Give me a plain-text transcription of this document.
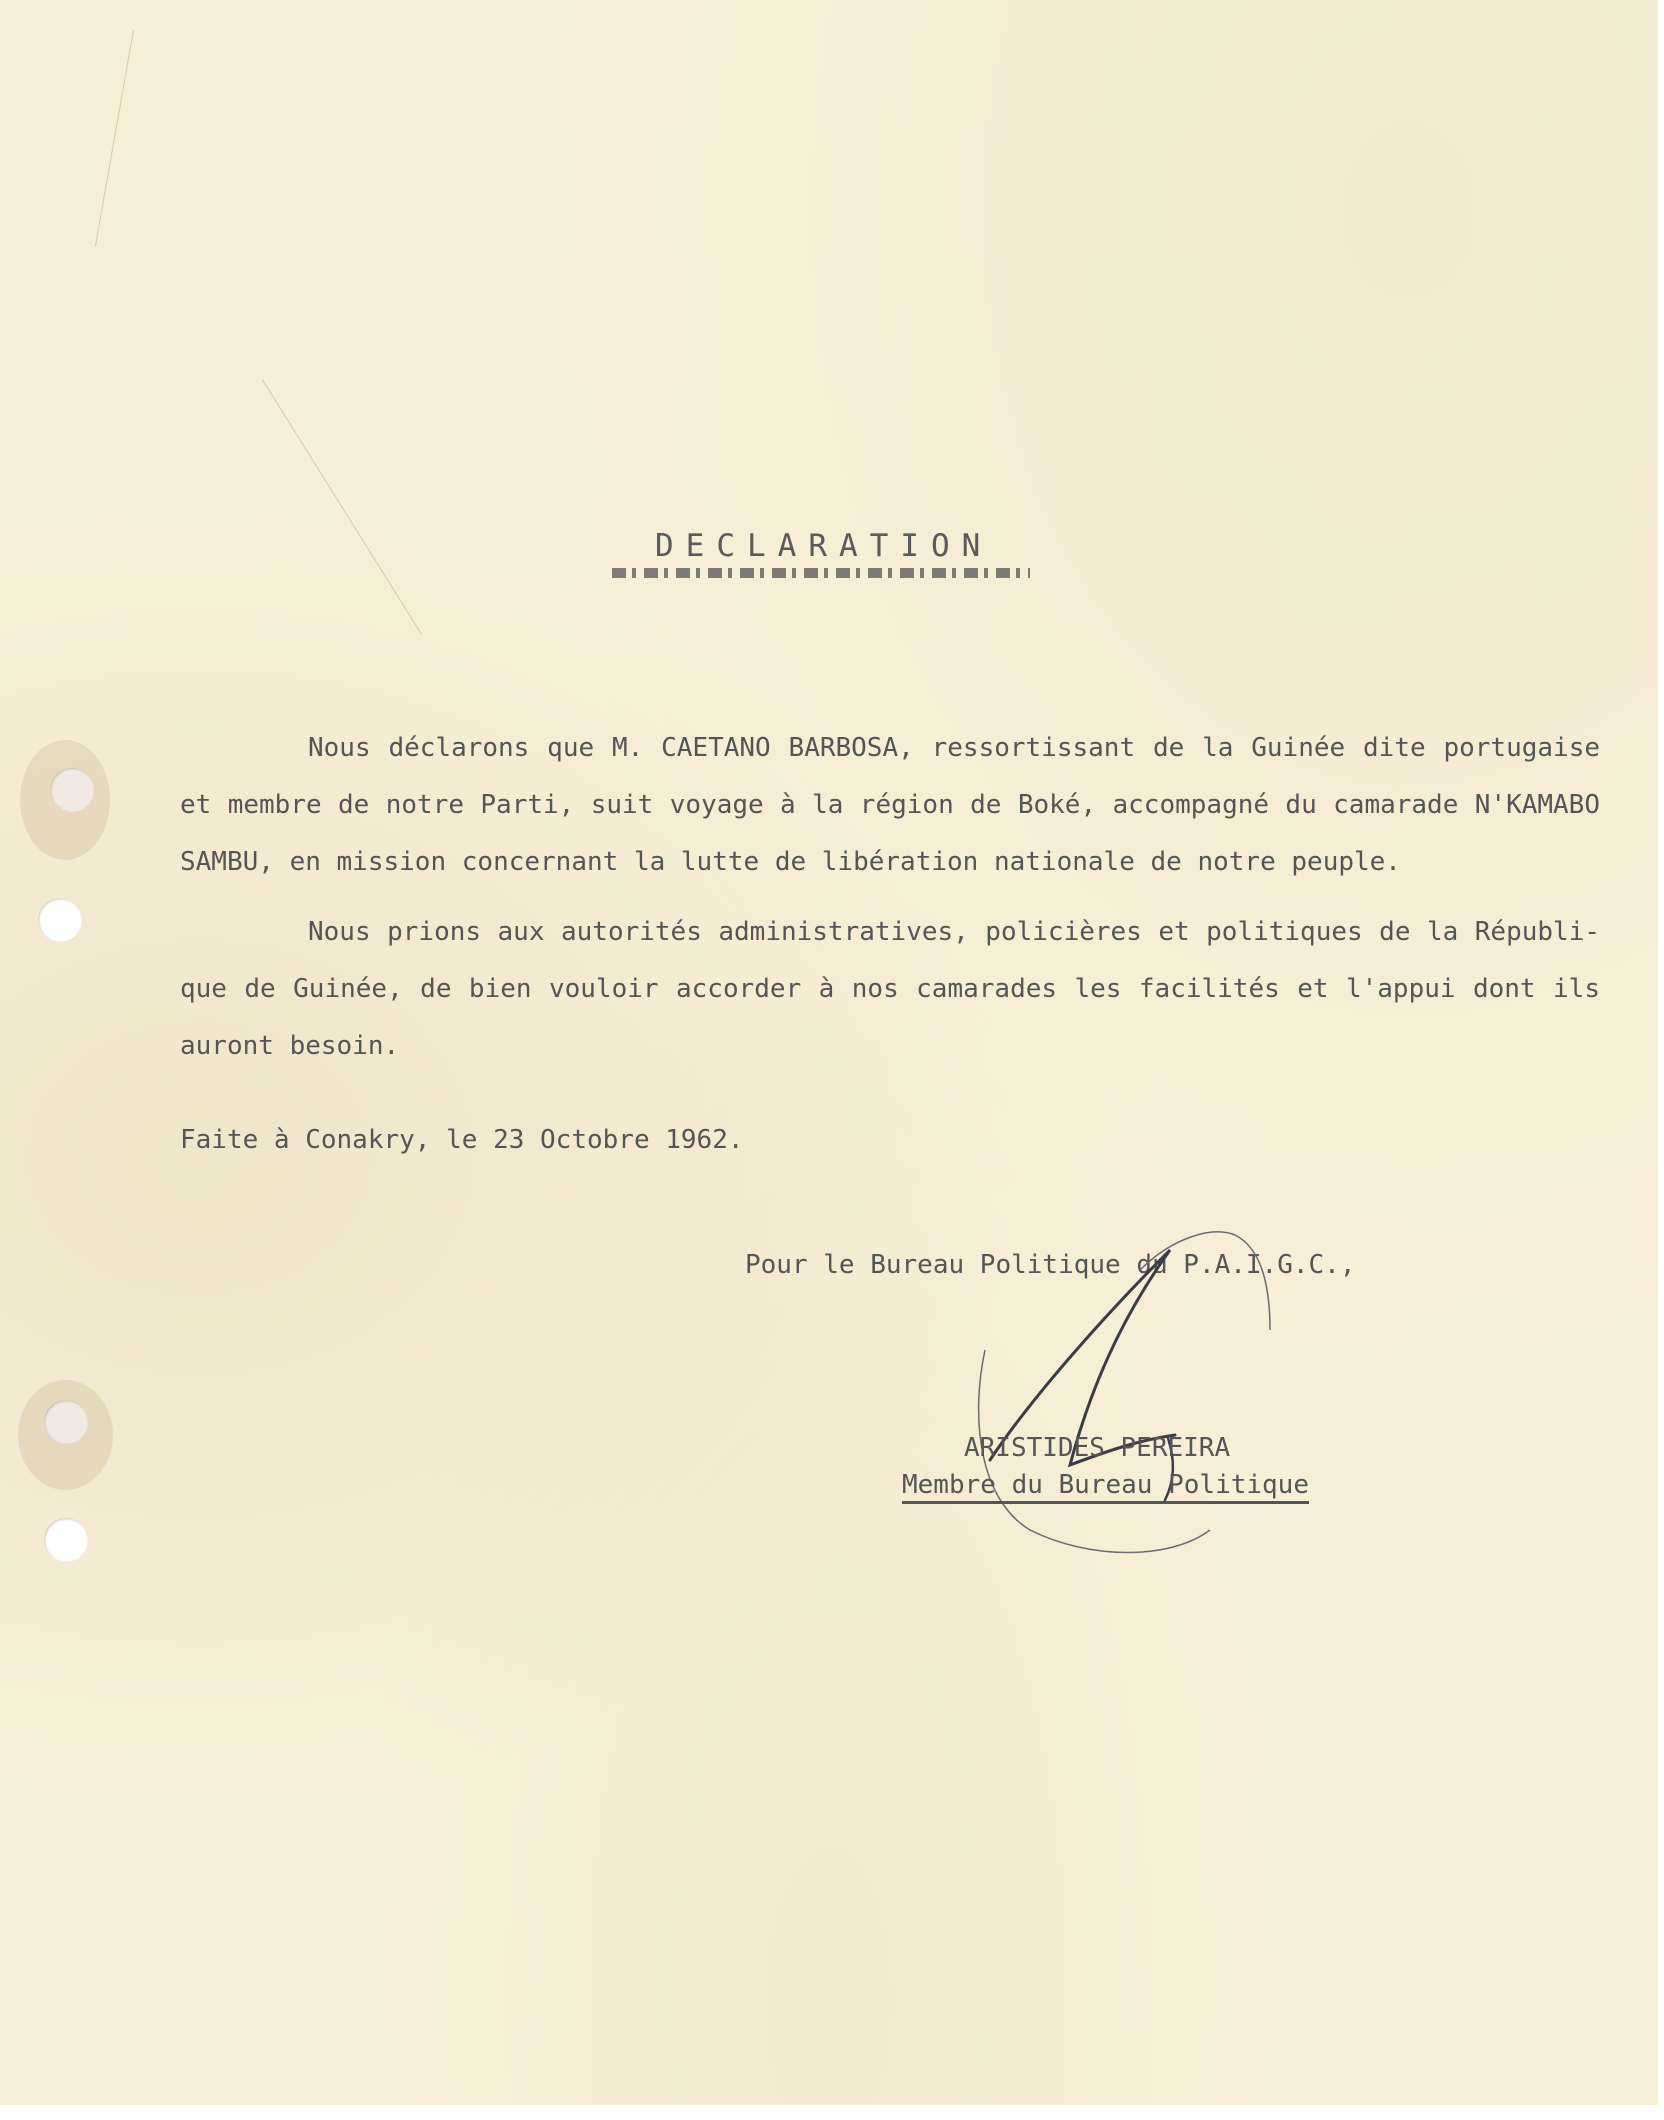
DECLARATION

Nous déclarons que M. CAETANO BARBOSA, ressortissant de la Guinée dite portugaise et membre de notre Parti, suit voyage à la région de Boké, accompagné du camarade N'KAMABO SAMBU, en mission concernant la lutte de libération nationale de notre peuple.

Nous prions aux autorités administratives, policières et politiques de la Républi-que de Guinée, de bien vouloir accorder à nos camarades les facilités et l'appui dont ils auront besoin.

Faite à Conakry, le 23 Octobre 1962.
Pour le Bureau Politique du P.A.I.G.C.,
ARISTIDES PEREIRA
Membre du Bureau Politique
